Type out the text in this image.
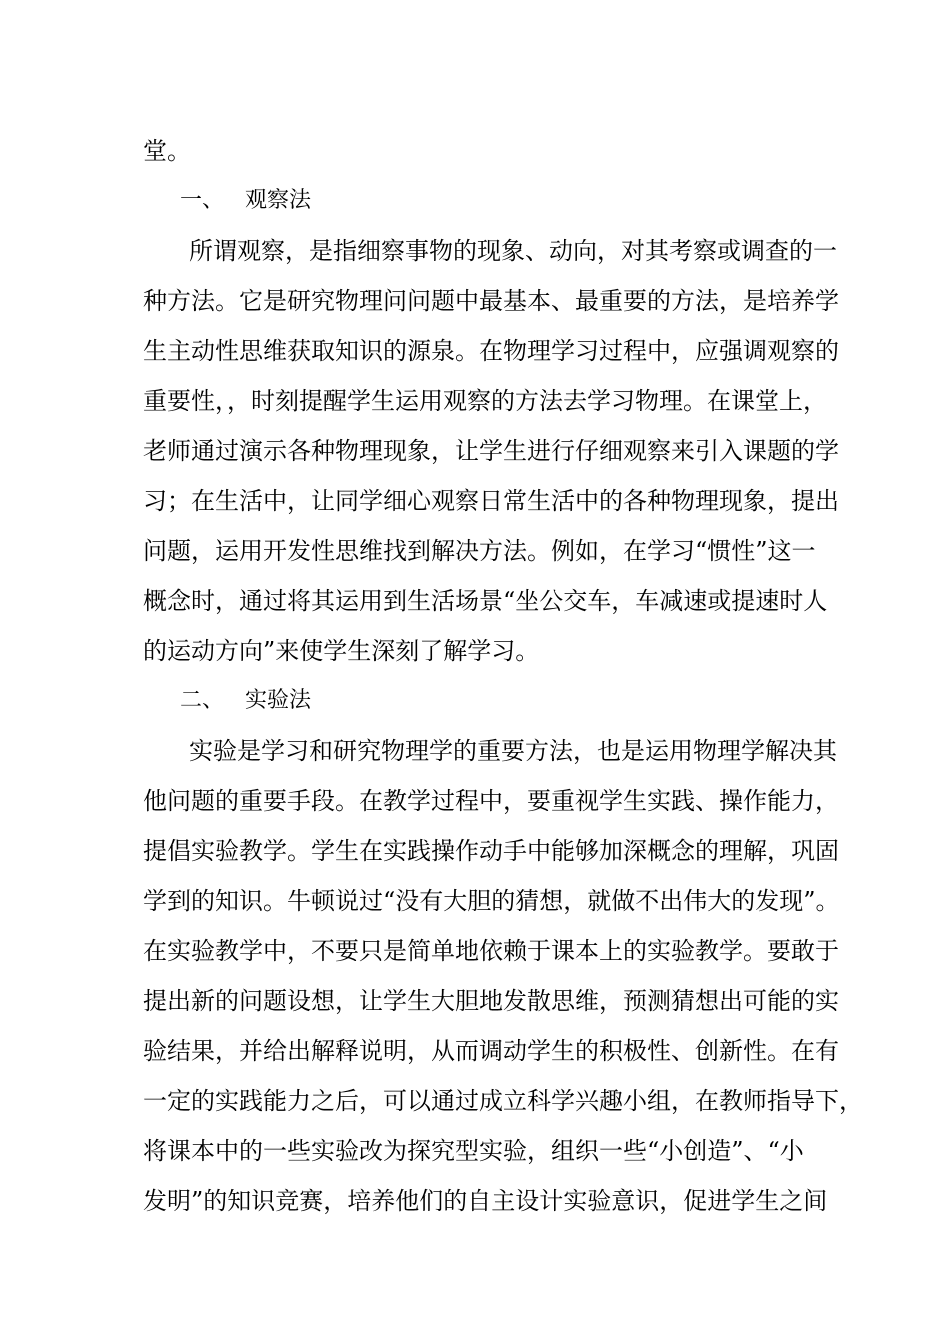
堂。
一、 观察法
所谓观察，是指细察事物的现象、动向，对其考察或调查的一
种方法。它是研究物理问问题中最基本、最重要的方法，是培养学
生主动性思维获取知识的源泉。在物理学习过程中，应强调观察的
重要性，，时刻提醒学生运用观察的方法去学习物理。在课堂上，
老师通过演示各种物理现象，让学生进行仔细观察来引入课题的学
习；在生活中，让同学细心观察日常生活中的各种物理现象，提出
问题，运用开发性思维找到解决方法。例如，在学习“惯性”这一
概念时，通过将其运用到生活场景“坐公交车，车减速或提速时人
的运动方向”来使学生深刻了解学习。
二、 实验法
实验是学习和研究物理学的重要方法，也是运用物理学解决其
他问题的重要手段。在教学过程中，要重视学生实践、操作能力，
提倡实验教学。学生在实践操作动手中能够加深概念的理解，巩固
学到的知识。牛顿说过“没有大胆的猜想，就做不出伟大的发现”。
在实验教学中，不要只是简单地依赖于课本上的实验教学。要敢于
提出新的问题设想，让学生大胆地发散思维，预测猜想出可能的实
验结果，并给出解释说明，从而调动学生的积极性、创新性。在有
一定的实践能力之后，可以通过成立科学兴趣小组，在教师指导下，
将课本中的一些实验改为探究型实验，组织一些“小创造”、“小
发明”的知识竞赛，培养他们的自主设计实验意识，促进学生之间
